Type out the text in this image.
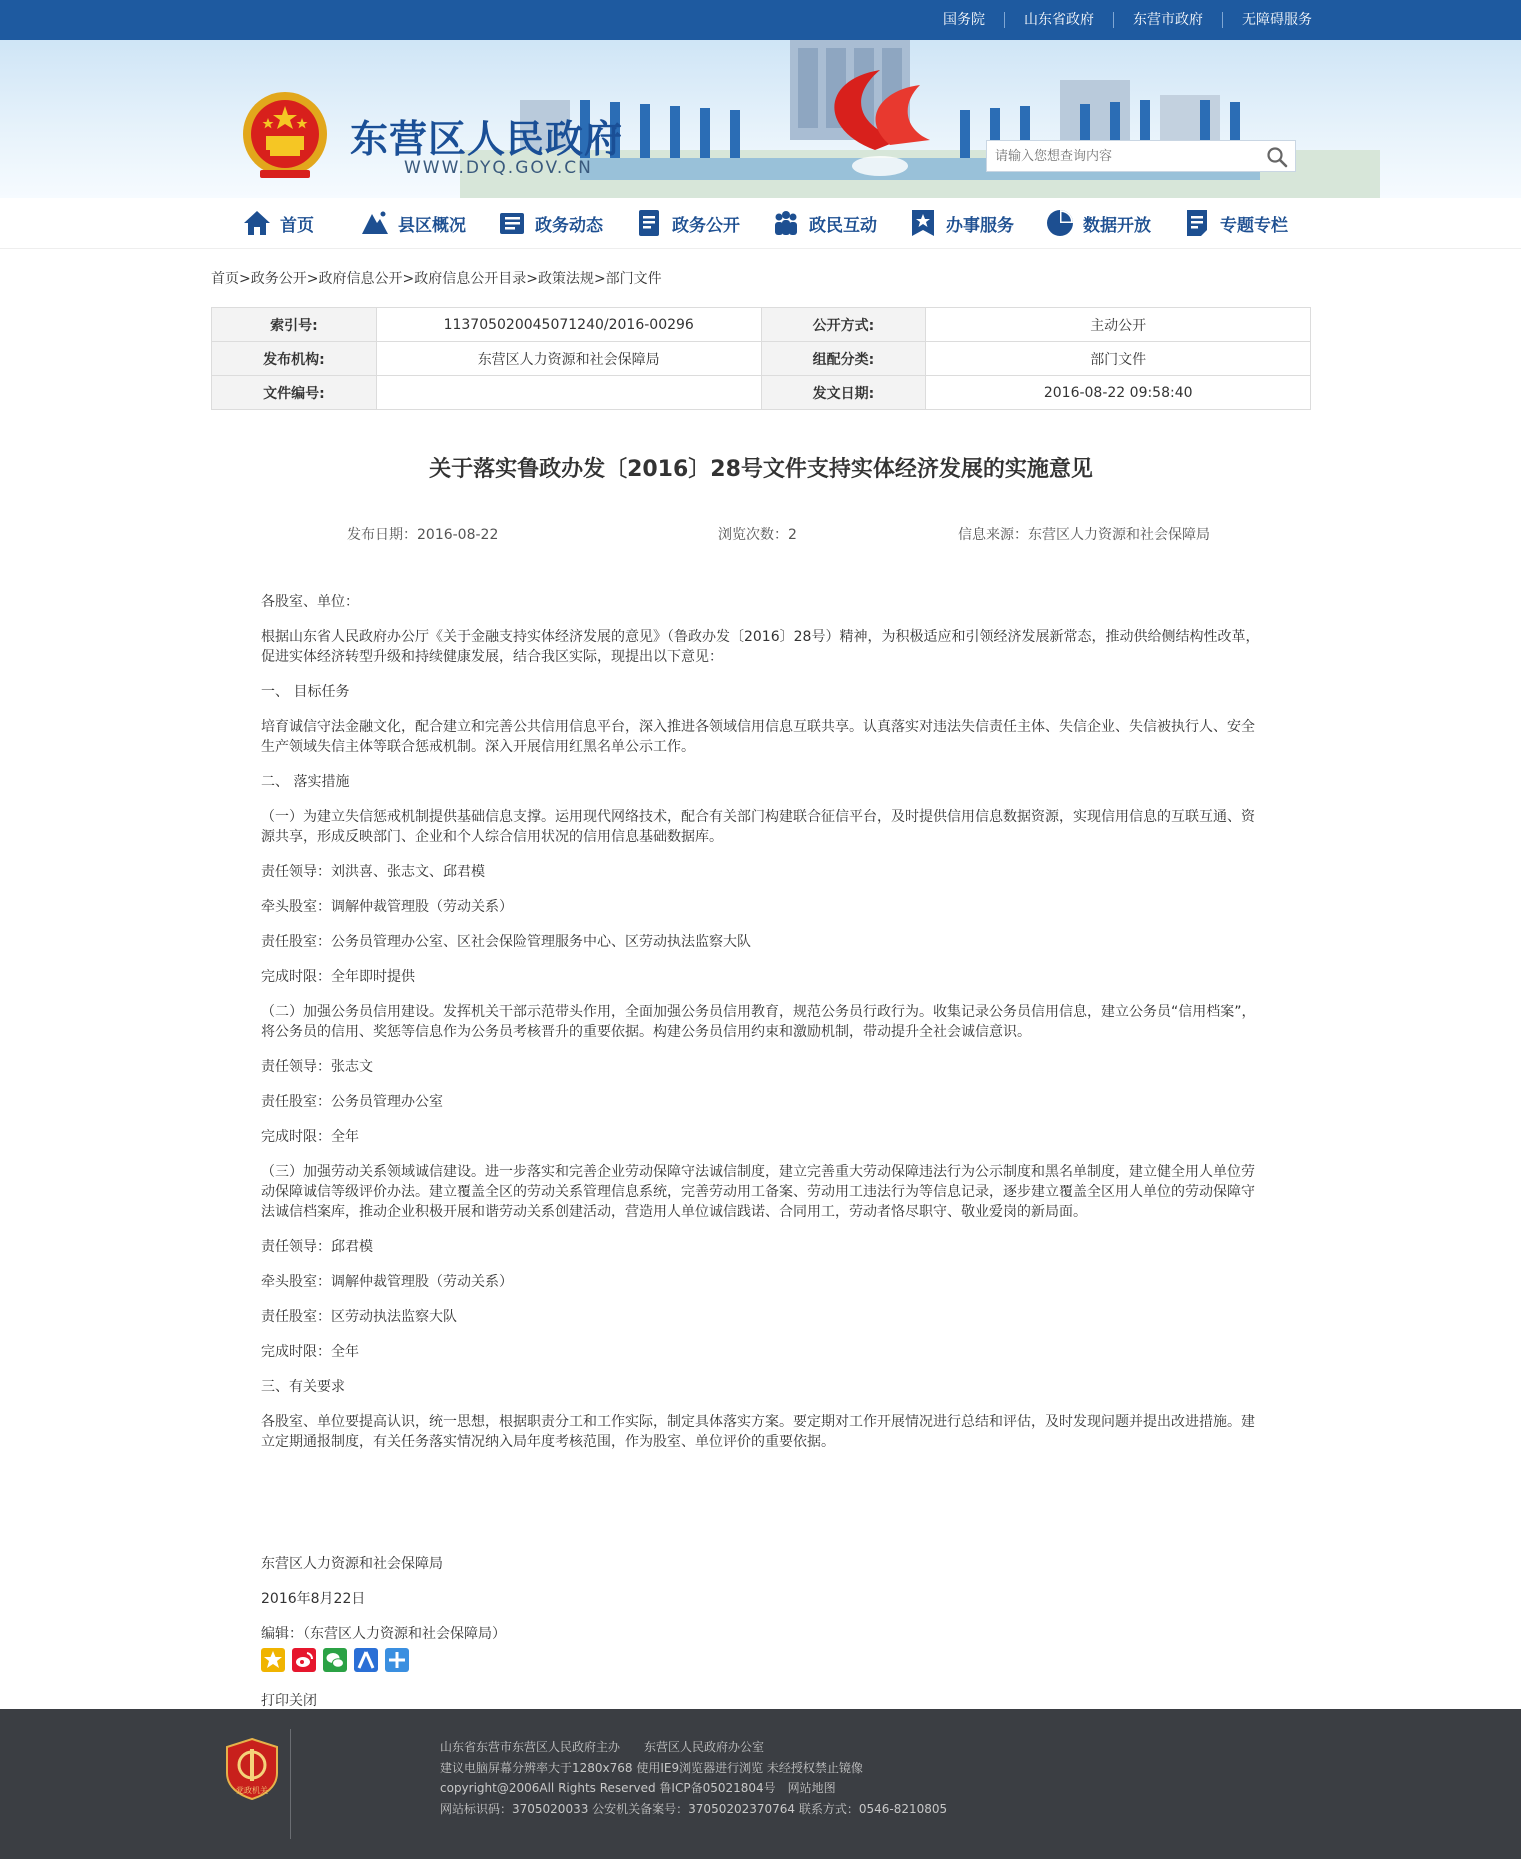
国务院	山东省政府	东营市政府	无障碍服务
东营区人民政府
WWW.DYQ.GOV.CN
请输入您想查询内容
首页	县区概况	政务动态	政务公开	政民互动	办事服务	数据开放	专题专栏
首页>政务公开>政府信息公开>政府信息公开目录>政策法规>部门文件
索引号:	113705020045071240/2016-00296	公开方式:	主动公开
发布机构:	东营区人力资源和社会保障局	组配分类:	部门文件
文件编号:		发文日期:	2016-08-22 09:58:40
关于落实鲁政办发〔2016〕28号文件支持实体经济发展的实施意见
发布日期：2016-08-22	浏览次数：2	信息来源：东营区人力资源和社会保障局

各股室、单位：

根据山东省人民政府办公厅《关于金融支持实体经济发展的意见》（鲁政办发〔2016〕28号）精神，为积极适应和引领经济发展新常态，推动供给侧结构性改革，促进实体经济转型升级和持续健康发展，结合我区实际，现提出以下意见：

一、 目标任务

培育诚信守法金融文化，配合建立和完善公共信用信息平台，深入推进各领域信用信息互联共享。认真落实对违法失信责任主体、失信企业、失信被执行人、安全生产领域失信主体等联合惩戒机制。深入开展信用红黑名单公示工作。

二、 落实措施

（一）为建立失信惩戒机制提供基础信息支撑。运用现代网络技术，配合有关部门构建联合征信平台，及时提供信用信息数据资源，实现信用信息的互联互通、资源共享，形成反映部门、企业和个人综合信用状况的信用信息基础数据库。

责任领导：刘洪喜、张志文、邱君模

牵头股室：调解仲裁管理股（劳动关系）

责任股室：公务员管理办公室、区社会保险管理服务中心、区劳动执法监察大队

完成时限：全年即时提供

（二）加强公务员信用建设。发挥机关干部示范带头作用，全面加强公务员信用教育，规范公务员行政行为。收集记录公务员信用信息，建立公务员“信用档案”，将公务员的信用、奖惩等信息作为公务员考核晋升的重要依据。构建公务员信用约束和激励机制，带动提升全社会诚信意识。

责任领导：张志文

责任股室：公务员管理办公室

完成时限：全年

（三）加强劳动关系领域诚信建设。进一步落实和完善企业劳动保障守法诚信制度，建立完善重大劳动保障违法行为公示制度和黑名单制度，建立健全用人单位劳动保障诚信等级评价办法。建立覆盖全区的劳动关系管理信息系统，完善劳动用工备案、劳动用工违法行为等信息记录，逐步建立覆盖全区用人单位的劳动保障守法诚信档案库，推动企业积极开展和谐劳动关系创建活动，营造用人单位诚信践诺、合同用工，劳动者恪尽职守、敬业爱岗的新局面。

责任领导：邱君模

牵头股室：调解仲裁管理股（劳动关系）

责任股室：区劳动执法监察大队

完成时限：全年

三、有关要求

各股室、单位要提高认识，统一思想，根据职责分工和工作实际，制定具体落实方案。要定期对工作开展情况进行总结和评估，及时发现问题并提出改进措施。建立定期通报制度，有关任务落实情况纳入局年度考核范围，作为股室、单位评价的重要依据。

东营区人力资源和社会保障局
2016年8月22日
编辑：（东营区人力资源和社会保障局）
打印关闭
党政机关
山东省东营市东营区人民政府主办　　东营区人民政府办公室
建议电脑屏幕分辨率大于1280x768 使用IE9浏览器进行浏览 未经授权禁止镜像
copyright@2006All Rights Reserved 鲁ICP备05021804号　网站地图
网站标识码：3705020033 公安机关备案号：37050202370764 联系方式：0546-8210805
